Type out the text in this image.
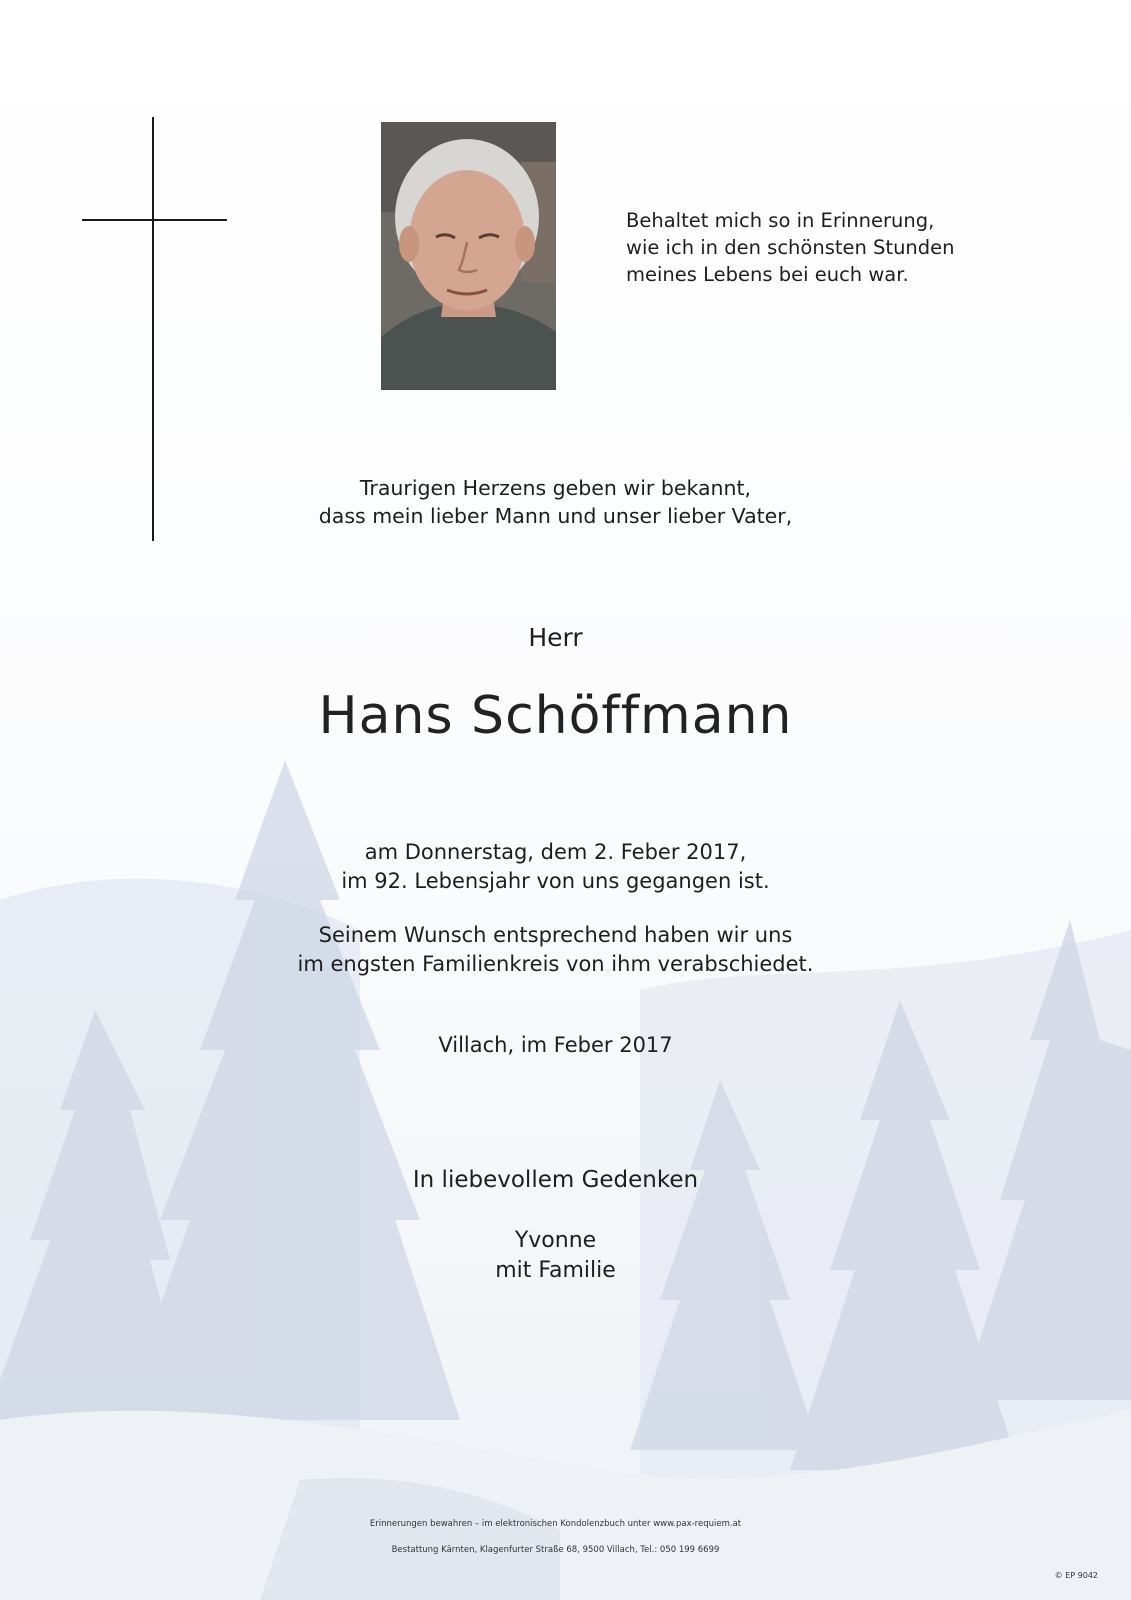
Behaltet mich so in Erinnerung,
wie ich in den schönsten Stunden
meines Lebens bei euch war.
Traurigen Herzens geben wir bekannt,
dass mein lieber Mann und unser lieber Vater,
Herr
Hans Schöffmann
am Donnerstag, dem 2. Feber 2017,
im 92. Lebensjahr von uns gegangen ist.
Seinem Wunsch entsprechend haben wir uns
im engsten Familienkreis von ihm verabschiedet.
Villach, im Feber 2017
In liebevollem Gedenken
Yvonne
mit Familie
Erinnerungen bewahren – im elektronischen Kondolenzbuch unter www.pax-requiem.at
Bestattung Kärnten, Klagenfurter Straße 68, 9500 Villach, Tel.: 050 199 6699
© EP 9042
